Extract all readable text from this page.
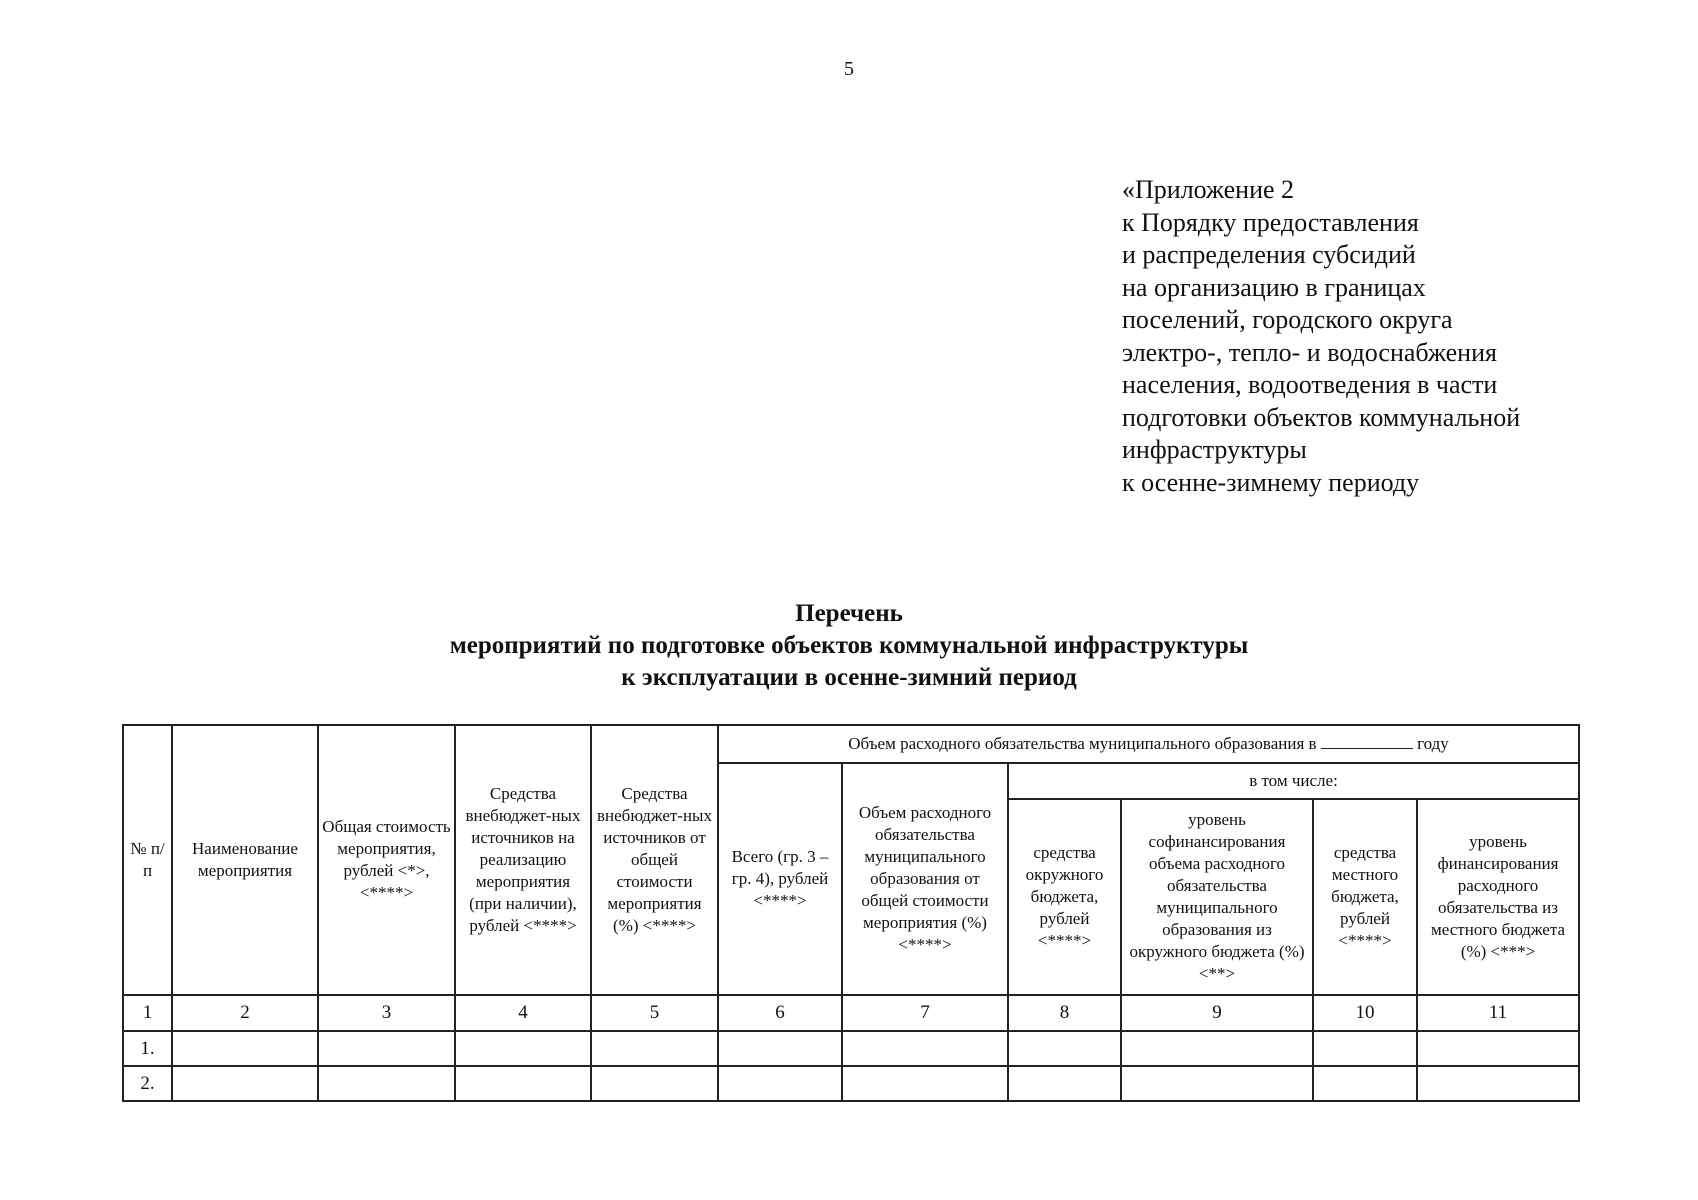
5
«Приложение 2
к Порядку предоставления
и распределения субсидий
на организацию в границах
поселений, городского округа
электро-, тепло- и водоснабжения
населения, водоотведения в части
подготовки объектов коммунальной
инфраструктуры
к осенне-зимнему периоду
Перечень
мероприятий по подготовке объектов коммунальной инфраструктуры
к эксплуатации в осенне-зимний период
№ п/п	Наименование мероприятия	Общая стоимость мероприятия, рублей <*>, <****>	Средства внебюджет-ных источников на реализацию мероприятия (при наличии), рублей <****>	Средства внебюджет-ных источников от общей стоимости мероприятия (%) <****>	Объем расходного обязательства муниципального образования в году					
					Всего (гр. 3 – гр. 4), рублей <****>	Объем расходного обязательства муниципального образования от общей стоимости мероприятия (%) <****>	в том числе:			
							средства окружного бюджета, рублей <****>	уровень софинансирования объема расходного обязательства муниципального образования из окружного бюджета (%) <**>	средства местного бюджета, рублей <****>	уровень финансирования расходного обязательства из местного бюджета (%) <***>
1	2	3	4	5	6	7	8	9	10	11
1.										
2.										
